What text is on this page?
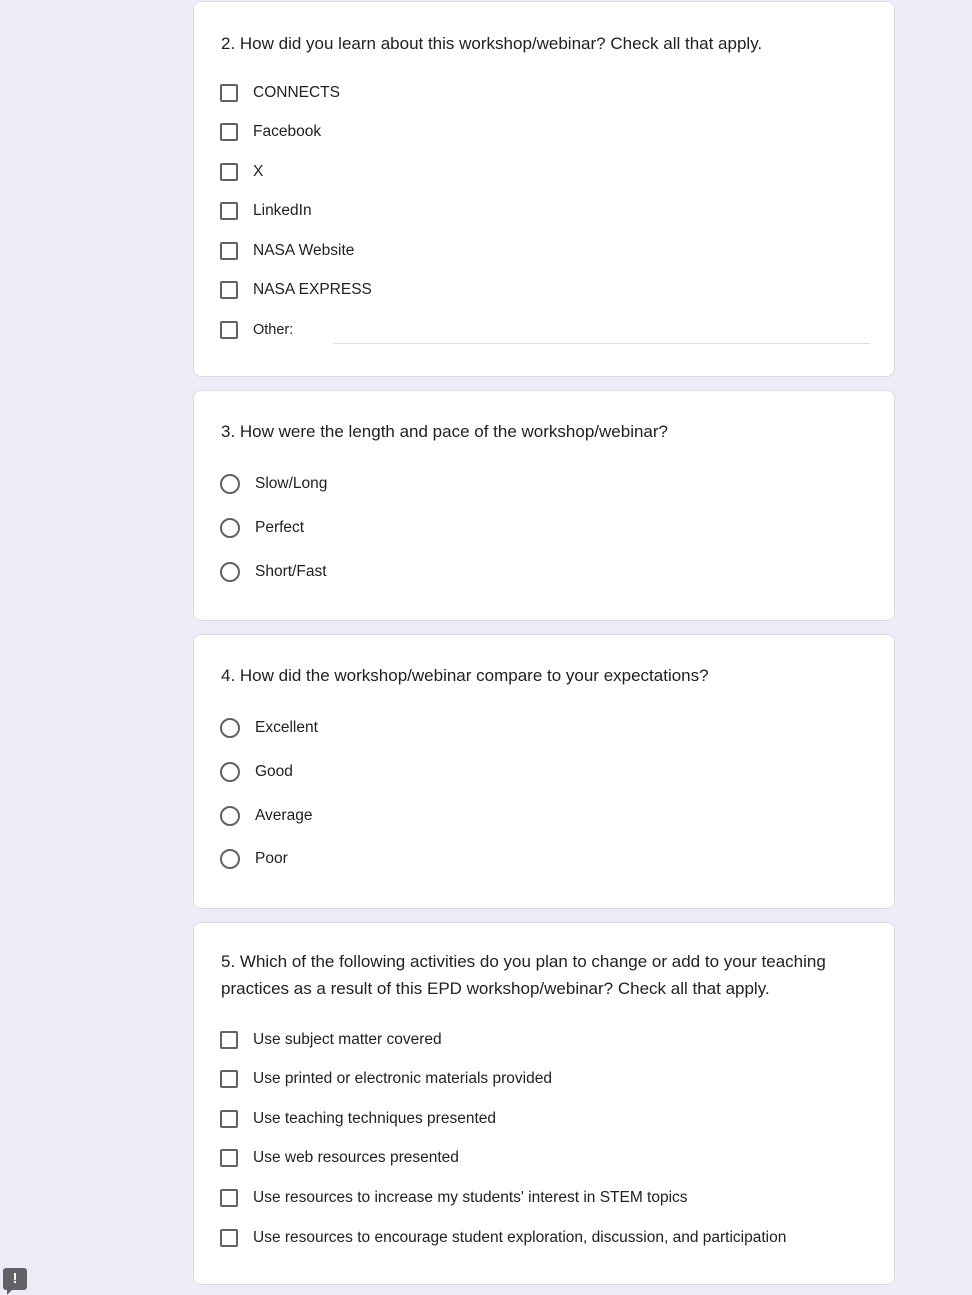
2. How did you learn about this workshop/webinar? Check all that apply.
CONNECTS
Facebook
X
LinkedIn
NASA Website
NASA EXPRESS
Other:
3. How were the length and pace of the workshop/webinar?
Slow/Long
Perfect
Short/Fast
4. How did the workshop/webinar compare to your expectations?
Excellent
Good
Average
Poor
5. Which of the following activities do you plan to change or add to your teaching practices as a result of this EPD workshop/webinar? Check all that apply.
Use subject matter covered
Use printed or electronic materials provided
Use teaching techniques presented
Use web resources presented
Use resources to increase my students' interest in STEM topics
Use resources to encourage student exploration, discussion, and participation
!
